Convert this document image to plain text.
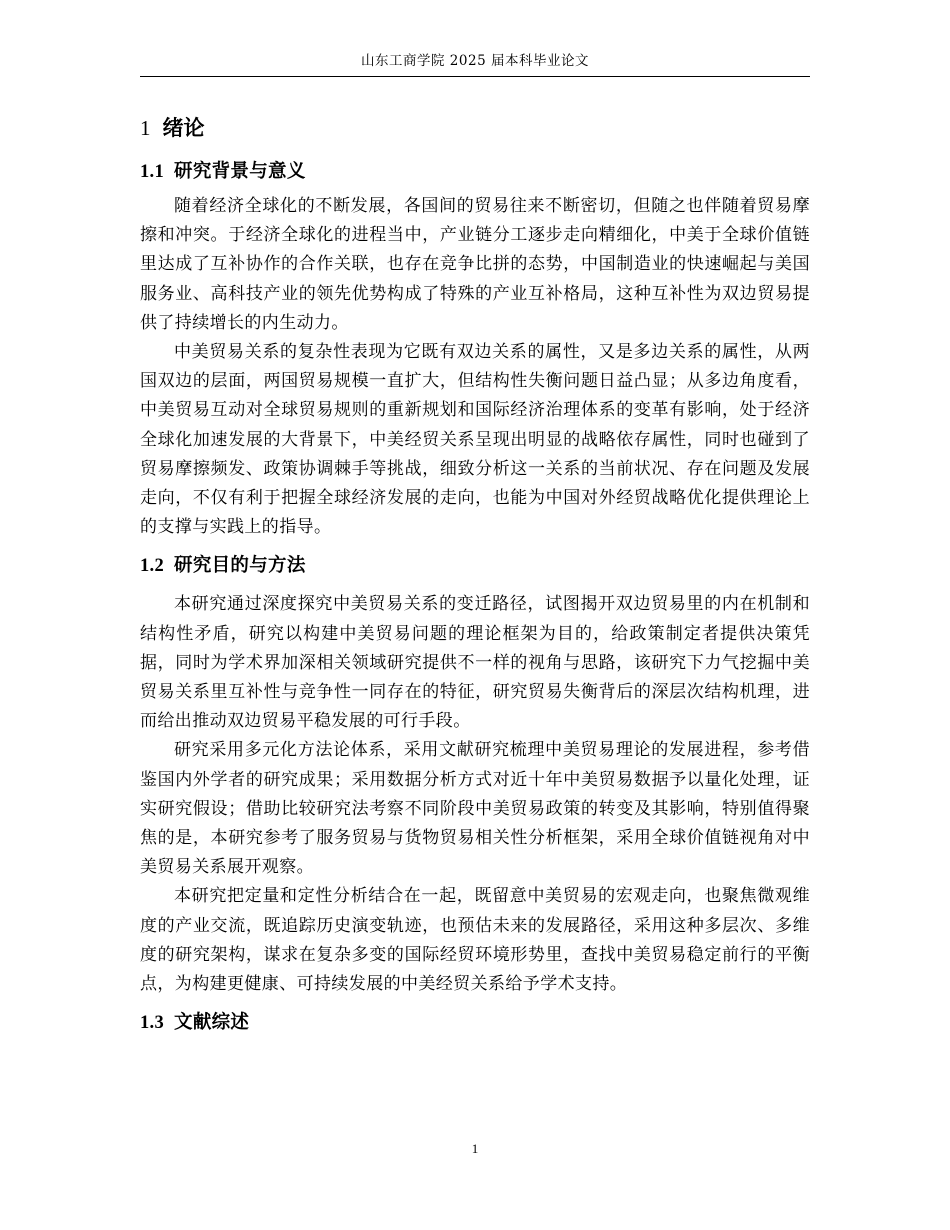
山东工商学院 2025 届本科毕业论文
1 绪论
1.1 研究背景与意义

随着经济全球化的不断发展，各国间的贸易往来不断密切，但随之也伴随着贸易摩擦和冲突。于经济全球化的进程当中，产业链分工逐步走向精细化，中美于全球价值链里达成了互补协作的合作关联，也存在竞争比拼的态势，中国制造业的快速崛起与美国服务业、高科技产业的领先优势构成了特殊的产业互补格局，这种互补性为双边贸易提供了持续增长的内生动力。

中美贸易关系的复杂性表现为它既有双边关系的属性，又是多边关系的属性，从两国双边的层面，两国贸易规模一直扩大，但结构性失衡问题日益凸显；从多边角度看，中美贸易互动对全球贸易规则的重新规划和国际经济治理体系的变革有影响，处于经济全球化加速发展的大背景下，中美经贸关系呈现出明显的战略依存属性，同时也碰到了贸易摩擦频发、政策协调棘手等挑战，细致分析这一关系的当前状况、存在问题及发展走向，不仅有利于把握全球经济发展的走向，也能为中国对外经贸战略优化提供理论上的支撑与实践上的指导。

1.2 研究目的与方法

本研究通过深度探究中美贸易关系的变迁路径，试图揭开双边贸易里的内在机制和结构性矛盾，研究以构建中美贸易问题的理论框架为目的，给政策制定者提供决策凭据，同时为学术界加深相关领域研究提供不一样的视角与思路，该研究下力气挖掘中美贸易关系里互补性与竞争性一同存在的特征，研究贸易失衡背后的深层次结构机理，进而给出推动双边贸易平稳发展的可行手段。

研究采用多元化方法论体系，采用文献研究梳理中美贸易理论的发展进程，参考借鉴国内外学者的研究成果；采用数据分析方式对近十年中美贸易数据予以量化处理，证实研究假设；借助比较研究法考察不同阶段中美贸易政策的转变及其影响，特别值得聚焦的是，本研究参考了服务贸易与货物贸易相关性分析框架，采用全球价值链视角对中美贸易关系展开观察。

本研究把定量和定性分析结合在一起，既留意中美贸易的宏观走向，也聚焦微观维度的产业交流，既追踪历史演变轨迹，也预估未来的发展路径，采用这种多层次、多维度的研究架构，谋求在复杂多变的国际经贸环境形势里，查找中美贸易稳定前行的平衡点，为构建更健康、可持续发展的中美经贸关系给予学术支持。

1.3 文献综述
1
